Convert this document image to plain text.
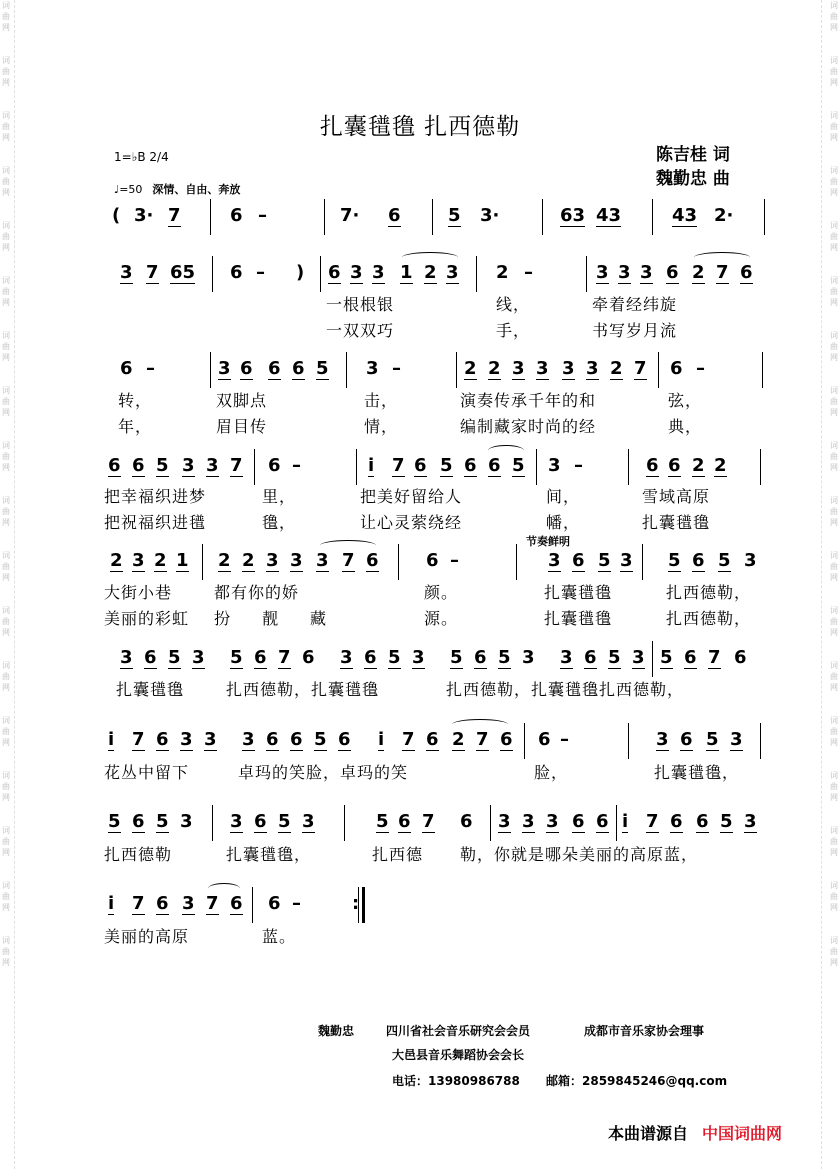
词
曲
网
词
曲
网
词
曲
网
词
曲
网
词
曲
网
词
曲
网
词
曲
网
词
曲
网
词
曲
网
词
曲
网
词
曲
网
词
曲
网
词
曲
网
词
曲
网
词
曲
网
词
曲
网
词
曲
网
词
曲
网
词
曲
网
词
曲
网
词
曲
网
词
曲
网
词
曲
网
词
曲
网
词
曲
网
词
曲
网
词
曲
网
词
曲
网
词
曲
网
词
曲
网
词
曲
网
词
曲
网
词
曲
网
词
曲
网
词
曲
网
词
曲
网
扎囊氆氇 扎西德勒
陈吉桂 词
魏勤忠 曲
1=♭B 2/4
♩=50 深情、自由、奔放
( 3· 7	6 –	7· 6	5 3·	63 43	43 2·
3 7 65 6 – ) 6 3 3 1 2 3 2 –	3 3 3 6 2 7 6
一根根银	线，	牵着经纬旋
一双双巧	手，	书写岁月流
6 –	3 6 6 6 5 3 –	2 2 3 3 3 3 2 7 6 –
转，	双脚点	击，	演奏传承千年的和	弦，
年，	眉目传	情，	编制藏家时尚的经	典，
6 6 5 3 3 7 6 –	i 7 6 5 6 6 5 3 –	6 6 2 2
把幸福织进梦	里，	把美好留给人	间，	雪域高原
把祝福织进氆	氇，	让心灵萦绕经	幡，	扎囊氆氇
节奏鲜明
2 3 2 1 2 2 3 3 3 7 6	6 –	3 6 5 3 5 6 5 3
大街小巷	都有你的娇	颜。	扎囊氆氇	扎西德勒，
美丽的彩虹 扮 靓 藏	源。	扎囊氆氇	扎西德勒，
3 6 5 3 5 6 7 6 3 6 5 3 5 6 5 3 3 6 5 3 5 6 7 6
扎囊氆氇	扎西德勒，扎囊氆氇	扎西德勒，扎囊氆氇扎西德勒，
i 7 6 3 3 3 6 6 5 6 i 7 6 2 7 6 6 –	3 6 5 3
花丛中留下	卓玛的笑脸，卓玛的笑	脸，	扎囊氆氇，
5 6 5 3 3 6 5 3	5 6 7 6 3 3 3 6 6 i 7 6 6 5 3
扎西德勒	扎囊氆氇，	扎西德 勒，你就是哪朵美丽的高原蓝，
i 7 6 3 7 6 6 –	:
美丽的高原	蓝。
魏勤忠	四川省社会音乐研究会会员	成都市音乐家协会理事
大邑县音乐舞蹈协会会长
电话：13980986788 邮箱：2859845246@qq.com
本曲谱源自 中国词曲网
